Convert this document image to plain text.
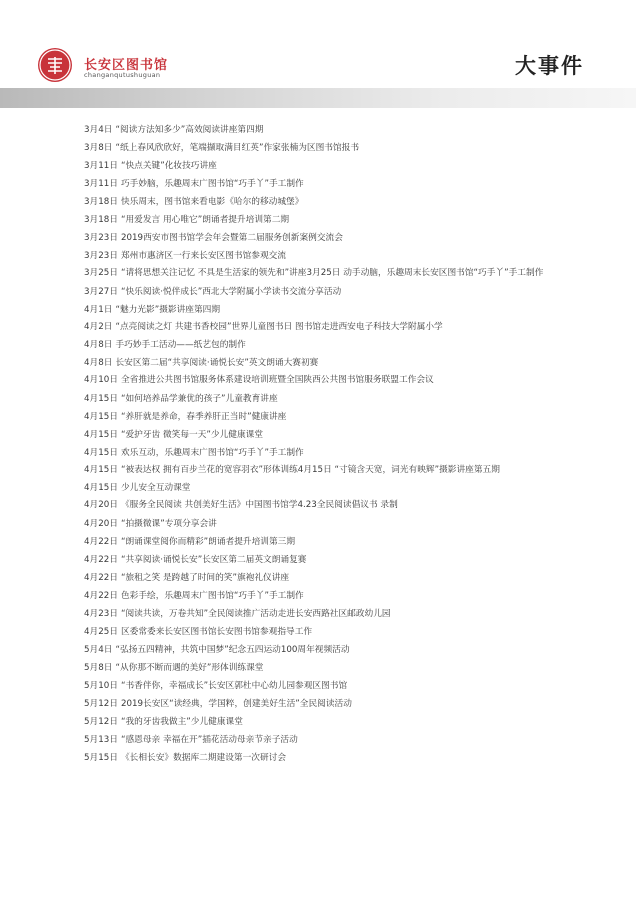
长安区图书馆
changanqutushuguan	大事件
3月4日 “阅读方法知多少”高效阅读讲座第四期
3月8日 “纸上春风欣欣好，笔端撷取满目红英”作家张楠为区图书馆报书
3月11日 “快点关键”化妆技巧讲座
3月11日 巧手妙脑，乐趣周末广图书馆“巧手丫”手工制作
3月18日 快乐周末，图书馆来看电影《哈尔的移动城堡》
3月18日 “用爱发言 用心唯它”朗诵者提升培训第二期
3月23日 2019西安市图书馆学会年会暨第二届服务创新案例交流会
3月23日 郑州市惠济区一行来长安区图书馆参观交流
3月25日 “请将思想关注记忆 不具是生活家的领先和”讲座3月25日 动手动脑，乐趣周末长安区图书馆“巧手丫”手工制作
3月27日 “快乐阅读·悦伴成长”西北大学附属小学读书交流分享活动
4月1日 “魅力光影”摄影讲座第四期
4月2日 “点亮阅读之灯 共建书香校园”世界儿童图书日 图书馆走进西安电子科技大学附属小学
4月8日 手巧妙手工活动——纸艺包的制作
4月8日 长安区第二届“共享阅读·诵悦长安”英文朗诵大赛初赛
4月10日 全省推进公共图书馆服务体系建设培训班暨全国陕西公共图书馆服务联盟工作会议
4月15日 “如何培养品学兼优的孩子”儿童教育讲座
4月15日 “养肝就是养命，春季养肝正当时”健康讲座
4月15日 “爱护牙齿 微笑每一天”少儿健康课堂
4月15日 欢乐互动，乐趣周末广图书馆“巧手丫”手工制作
4月15日 “被表达权 拥有百步兰花的宽容羽衣”形体训练4月15日 “寸镜含天宽，词光有映辉”摄影讲座第五期
4月15日 少儿安全互动课堂
4月20日 《服务全民阅读 共创美好生活》中国图书馆学4.23全民阅读倡议书 录制
4月20日 “拍摄微课”专项分享会讲
4月22日 “朗诵课堂阅你而精彩”朗诵者提升培训第三期
4月22日 “共享阅读·诵悦长安”长安区第二届英文朗诵复赛
4月22日 “旅租之笑 是跨越了时间的笑”旗袍礼仪讲座
4月22日 色彩手绘，乐趣周末广图书馆“巧手丫”手工制作
4月23日 “阅读共读，万卷共知”全民阅读推广活动走进长安西路社区邮政幼儿园
4月25日 区委常委来长安区图书馆长安图书馆参观指导工作
5月4日 “弘扬五四精神，共筑中国梦”纪念五四运动100周年视频活动
5月8日 “从你那不断而遇的美好”形体训练课堂
5月10日 “书香伴你，幸福成长”长安区郭杜中心幼儿园参观区图书馆
5月12日 2019长安区“读经典，学国粹，创建美好生活”全民阅读活动
5月12日 “我的牙齿我做主”少儿健康课堂
5月13日 “感恩母亲 幸福在开”插花活动母亲节亲子活动
5月15日 《长相长安》数据库二期建设第一次研讨会
